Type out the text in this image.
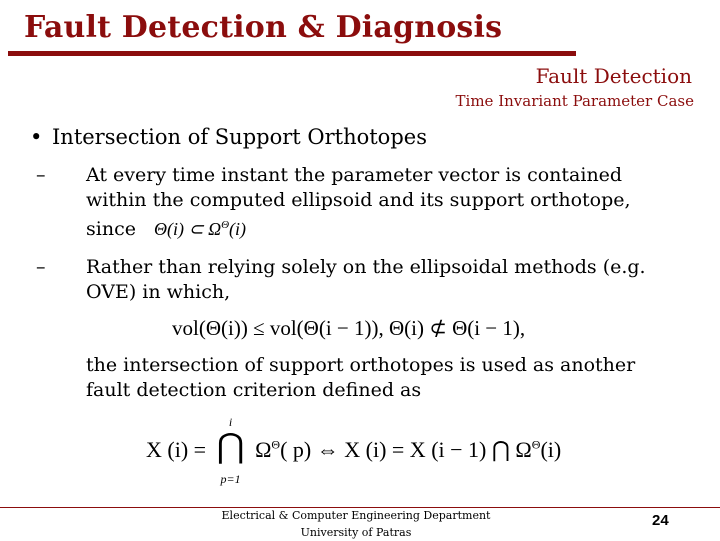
Fault Detection & Diagnosis
Fault Detection
Time Invariant Parameter Case
• Intersection of Support Orthotopes
– At every time instant the parameter vector is contained
within the computed ellipsoid and its support orthotope,
since Θ(i) ⊂ $\Omega^\Theta(i)$
– Rather than relying solely on the ellipsoidal methods (e.g.
OVE) in which,
vol(Θ(i)) ≤ vol(Θ(i − 1)), Θ(i) ⊄ Θ(i − 1),
the intersection of support orthotopes is used as another
fault detection criterion defined as
X (i) =
i
⋂
p=1
$\Omega^\Theta$( p) ⇔ X (i) = X (i − 1) ⋂ $\Omega^\Theta(i)$
Electrical & Computer Engineering Department
University of Patras
24
